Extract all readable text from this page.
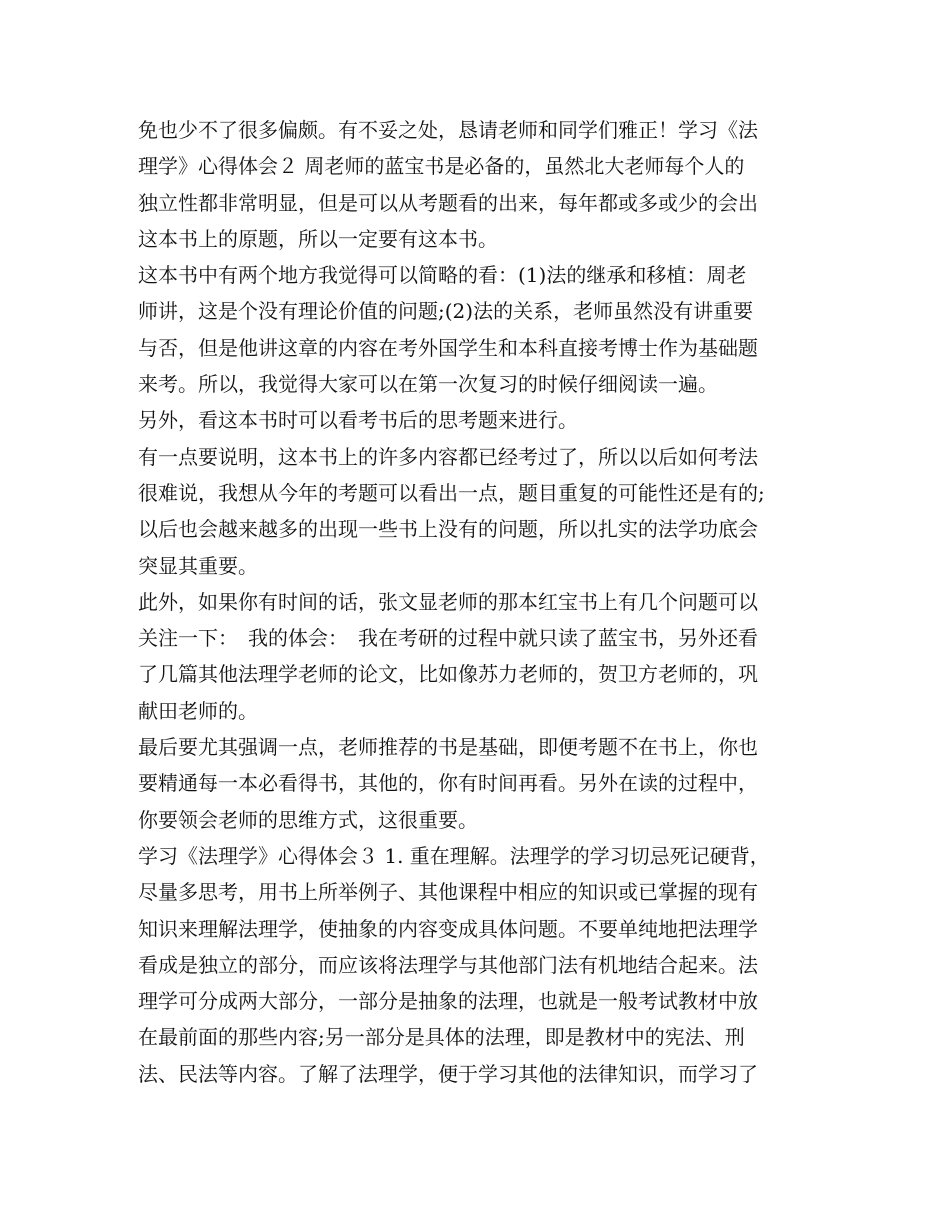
免也少不了很多偏颇。有不妥之处，恳请老师和同学们雅正！学习《法
理学》心得体会２ 周老师的蓝宝书是必备的，虽然北大老师每个人的
独立性都非常明显，但是可以从考题看的出来，每年都或多或少的会出
这本书上的原题，所以一定要有这本书。
这本书中有两个地方我觉得可以简略的看：(1)法的继承和移植：周老
师讲，这是个没有理论价值的问题;(2)法的关系，老师虽然没有讲重要
与否，但是他讲这章的内容在考外国学生和本科直接考博士作为基础题
来考。所以，我觉得大家可以在第一次复习的时候仔细阅读一遍。
另外，看这本书时可以看考书后的思考题来进行。
有一点要说明，这本书上的许多内容都已经考过了，所以以后如何考法
很难说，我想从今年的考题可以看出一点，题目重复的可能性还是有的;
以后也会越来越多的出现一些书上没有的问题，所以扎实的法学功底会
突显其重要。
此外，如果你有时间的话，张文显老师的那本红宝书上有几个问题可以
关注一下：　我的体会：　我在考研的过程中就只读了蓝宝书，另外还看
了几篇其他法理学老师的论文，比如像苏力老师的，贺卫方老师的，巩
献田老师的。
最后要尤其强调一点，老师推荐的书是基础，即便考题不在书上，你也
要精通每一本必看得书，其他的，你有时间再看。另外在读的过程中，
你要领会老师的思维方式，这很重要。
学习《法理学》心得体会３ 1. 重在理解。法理学的学习切忌死记硬背，
尽量多思考，用书上所举例子、其他课程中相应的知识或已掌握的现有
知识来理解法理学，使抽象的内容变成具体问题。不要单纯地把法理学
看成是独立的部分，而应该将法理学与其他部门法有机地结合起来。法
理学可分成两大部分，一部分是抽象的法理，也就是一般考试教材中放
在最前面的那些内容;另一部分是具体的法理，即是教材中的宪法、刑
法、民法等内容。了解了法理学，便于学习其他的法律知识，而学习了
